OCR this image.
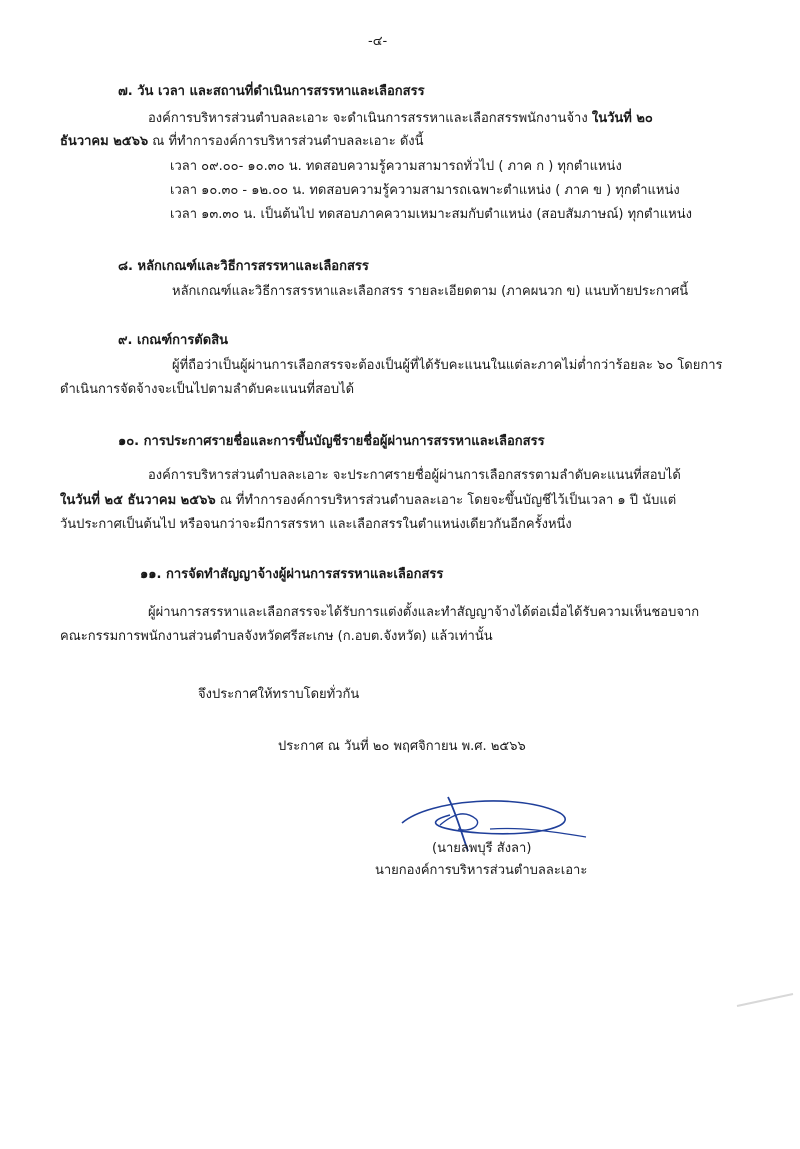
-๔-
๗. วัน เวลา และสถานที่ดำเนินการสรรหาและเลือกสรร
องค์การบริหารส่วนตำบลละเอาะ จะดำเนินการสรรหาและเลือกสรรพนักงานจ้าง ในวันที่ ๒๐
ธันวาคม ๒๕๖๖ ณ ที่ทำการองค์การบริหารส่วนตำบลละเอาะ ดังนี้
เวลา ๐๙.๐๐- ๑๐.๓๐ น. ทดสอบความรู้ความสามารถทั่วไป ( ภาค ก ) ทุกตำแหน่ง
เวลา ๑๐.๓๐ - ๑๒.๐๐ น. ทดสอบความรู้ความสามารถเฉพาะตำแหน่ง ( ภาค ข ) ทุกตำแหน่ง
เวลา ๑๓.๓๐ น. เป็นต้นไป ทดสอบภาคความเหมาะสมกับตำแหน่ง (สอบสัมภาษณ์) ทุกตำแหน่ง
๘. หลักเกณฑ์และวิธีการสรรหาและเลือกสรร
หลักเกณฑ์และวิธีการสรรหาและเลือกสรร รายละเอียดตาม (ภาคผนวก ข) แนบท้ายประกาศนี้
๙. เกณฑ์การตัดสิน
ผู้ที่ถือว่าเป็นผู้ผ่านการเลือกสรรจะต้องเป็นผู้ที่ได้รับคะแนนในแต่ละภาคไม่ต่ำกว่าร้อยละ ๖๐ โดยการ
ดำเนินการจัดจ้างจะเป็นไปตามลำดับคะแนนที่สอบได้
๑๐. การประกาศรายชื่อและการขึ้นบัญชีรายชื่อผู้ผ่านการสรรหาและเลือกสรร
องค์การบริหารส่วนตำบลละเอาะ จะประกาศรายชื่อผู้ผ่านการเลือกสรรตามลำดับคะแนนที่สอบได้
ในวันที่ ๒๕ ธันวาคม ๒๕๖๖ ณ ที่ทำการองค์การบริหารส่วนตำบลละเอาะ โดยจะขึ้นบัญชีไว้เป็นเวลา ๑ ปี นับแต่
วันประกาศเป็นต้นไป หรือจนกว่าจะมีการสรรหา และเลือกสรรในตำแหน่งเดียวกันอีกครั้งหนึ่ง
๑๑. การจัดทำสัญญาจ้างผู้ผ่านการสรรหาและเลือกสรร
ผู้ผ่านการสรรหาและเลือกสรรจะได้รับการแต่งตั้งและทำสัญญาจ้างได้ต่อเมื่อได้รับความเห็นชอบจาก
คณะกรรมการพนักงานส่วนตำบลจังหวัดศรีสะเกษ (ก.อบต.จังหวัด) แล้วเท่านั้น
จึงประกาศให้ทราบโดยทั่วกัน
ประกาศ ณ วันที่ ๒๐ พฤศจิกายน พ.ศ. ๒๕๖๖
(นายลพบุรี สังลา)
นายกองค์การบริหารส่วนตำบลละเอาะ
